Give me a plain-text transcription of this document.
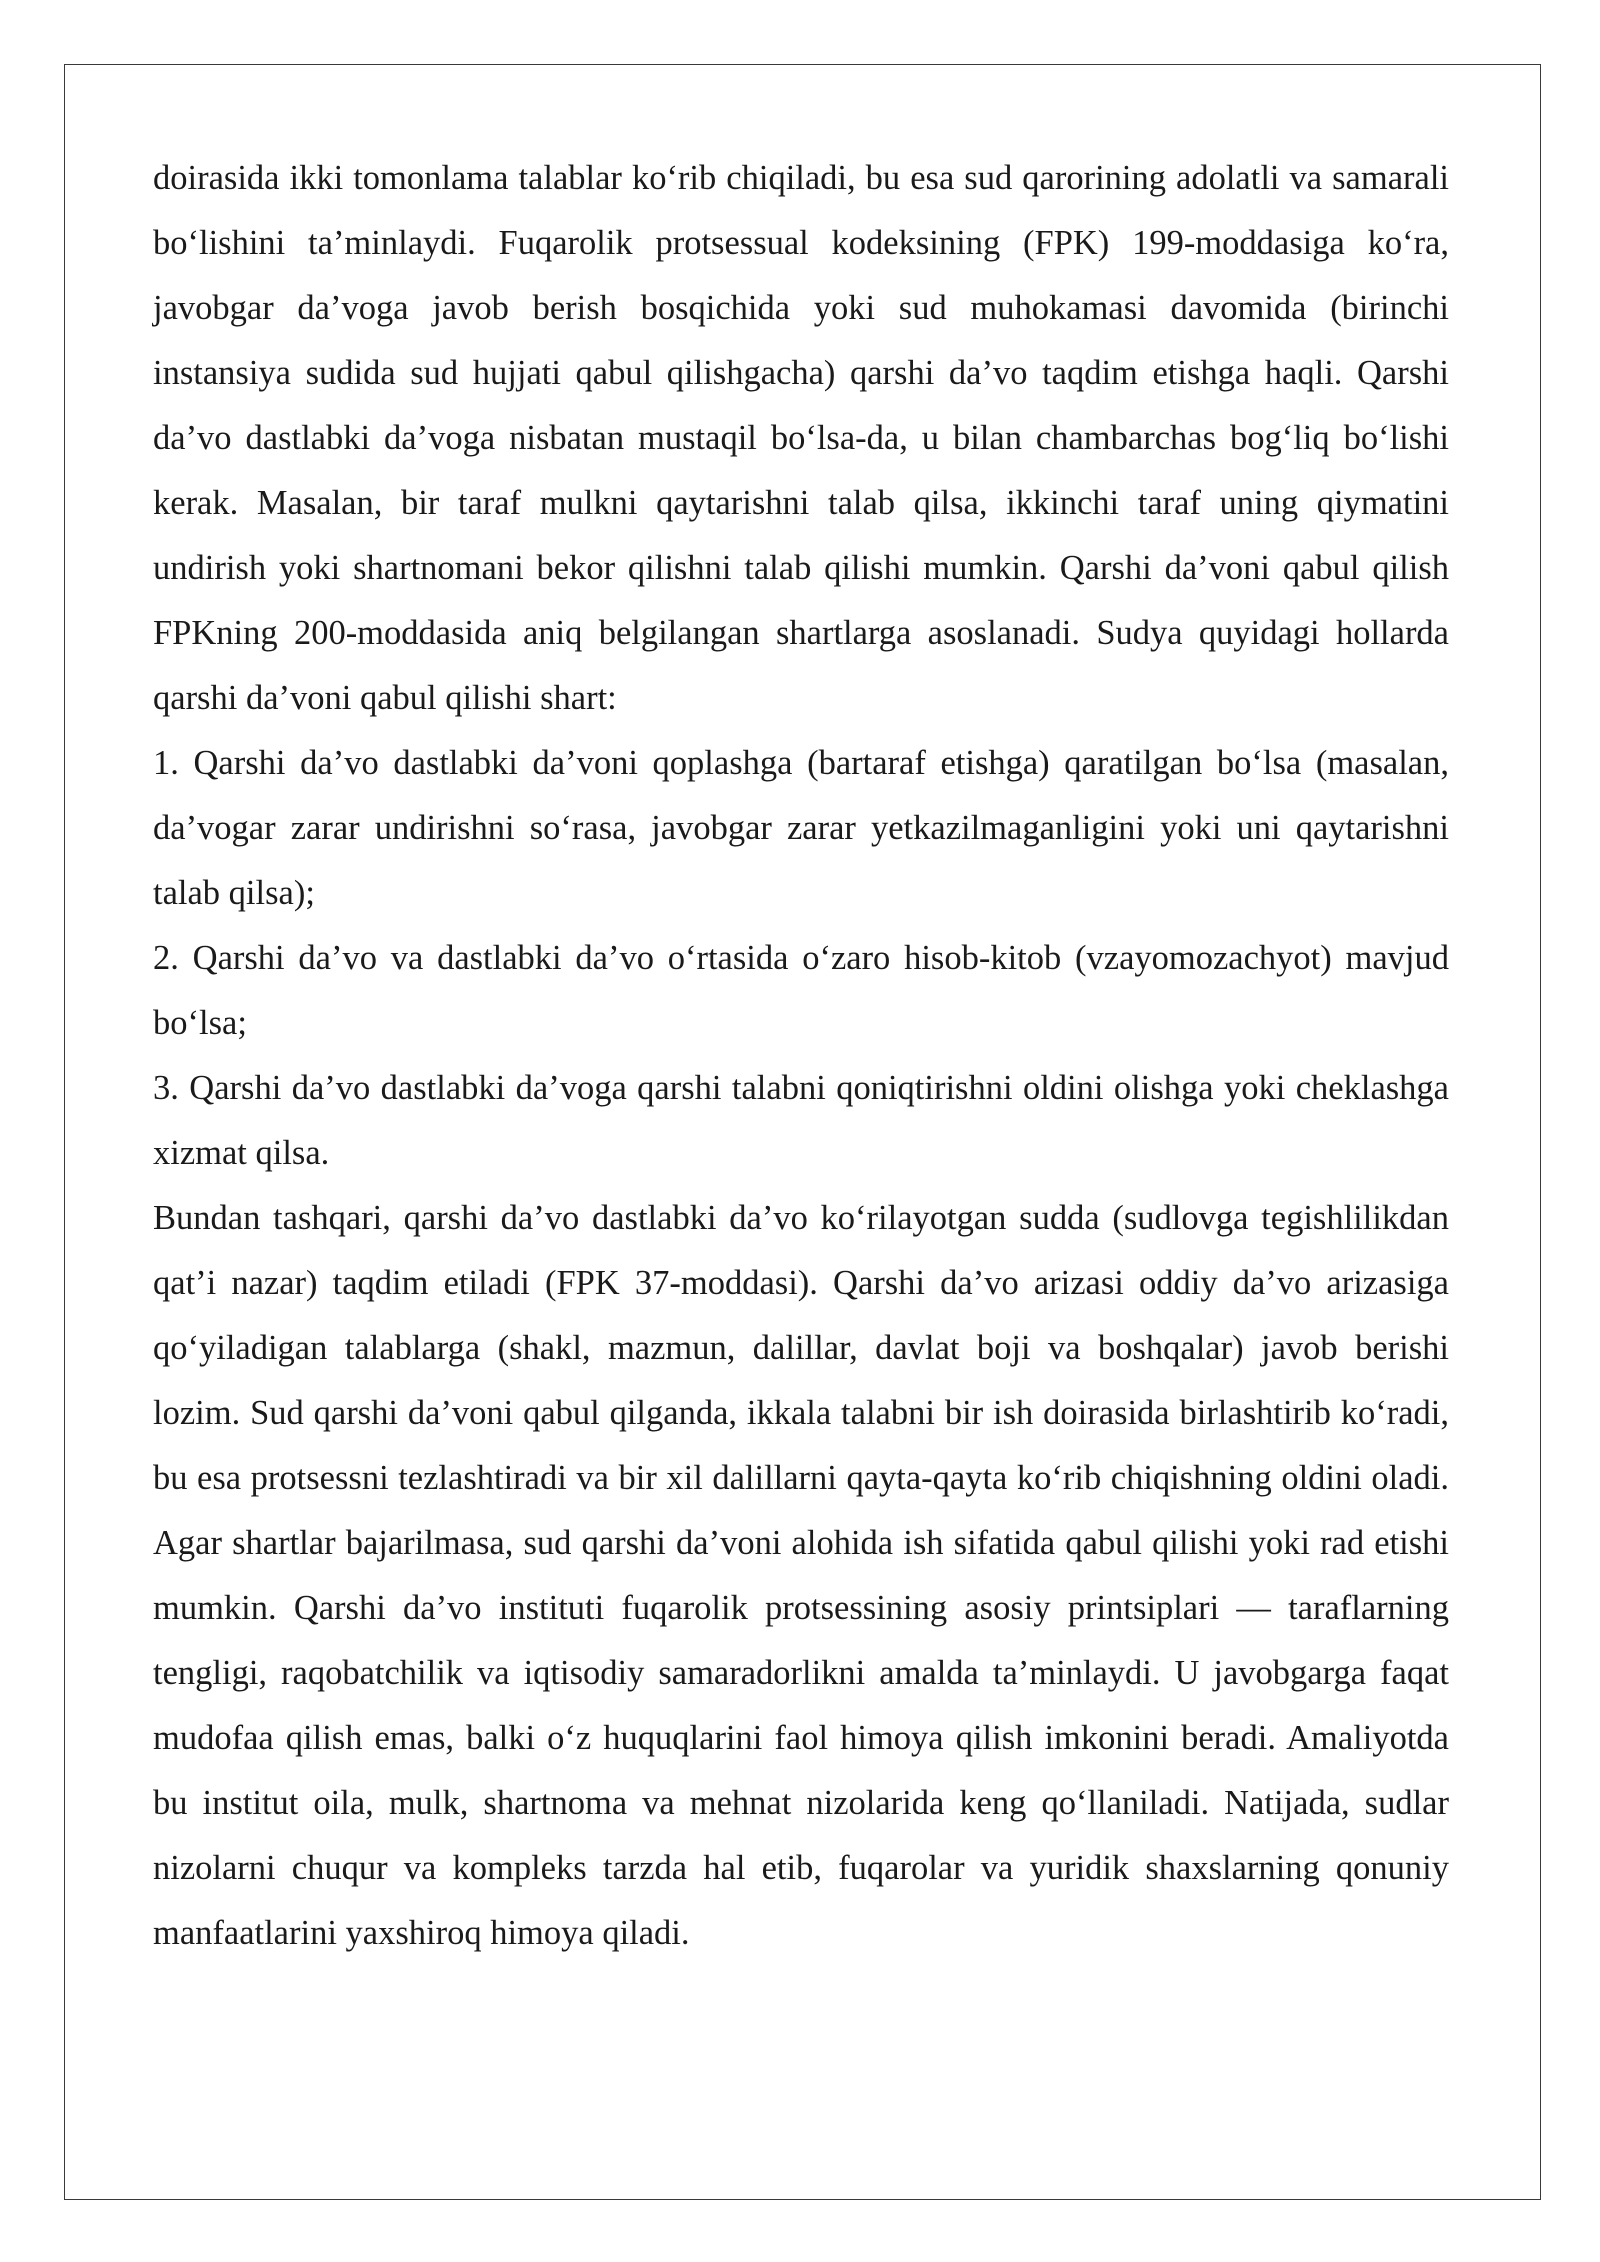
doirasida ikki tomonlama talablar ko‘rib chiqiladi, bu esa sud qarorining adolatli va samarali bo‘lishini ta’minlaydi. Fuqarolik protsessual kodeksining (FPK) 199-moddasiga ko‘ra, javobgar da’voga javob berish bosqichida yoki sud muhokamasi davomida (birinchi instansiya sudida sud hujjati qabul qilishgacha) qarshi da’vo taqdim etishga haqli. Qarshi da’vo dastlabki da’voga nisbatan mustaqil bo‘lsa-da, u bilan chambarchas bog‘liq bo‘lishi kerak. Masalan, bir taraf mulkni qaytarishni talab qilsa, ikkinchi taraf uning qiymatini undirish yoki shartnomani bekor qilishni talab qilishi mumkin. Qarshi da’voni qabul qilish FPKning 200-moddasida aniq belgilangan shartlarga asoslanadi. Sudya quyidagi hollarda qarshi da’voni qabul qilishi shart:

1. Qarshi da’vo dastlabki da’voni qoplashga (bartaraf etishga) qaratilgan bo‘lsa (masalan, da’vogar zarar undirishni so‘rasa, javobgar zarar yetkazilmaganligini yoki uni qaytarishni talab qilsa);

2. Qarshi da’vo va dastlabki da’vo o‘rtasida o‘zaro hisob-kitob (vzayomozachyot) mavjud bo‘lsa;

3. Qarshi da’vo dastlabki da’voga qarshi talabni qoniqtirishni oldini olishga yoki cheklashga xizmat qilsa.

Bundan tashqari, qarshi da’vo dastlabki da’vo ko‘rilayotgan sudda (sudlovga tegishlilikdan qat’i nazar) taqdim etiladi (FPK 37-moddasi). Qarshi da’vo arizasi oddiy da’vo arizasiga qo‘yiladigan talablarga (shakl, mazmun, dalillar, davlat boji va boshqalar) javob berishi lozim. Sud qarshi da’voni qabul qilganda, ikkala talabni bir ish doirasida birlashtirib ko‘radi, bu esa protsessni tezlashtiradi va bir xil dalillarni qayta-qayta ko‘rib chiqishning oldini oladi. Agar shartlar bajarilmasa, sud qarshi da’voni alohida ish sifatida qabul qilishi yoki rad etishi mumkin. Qarshi da’vo instituti fuqarolik protsessining asosiy printsiplari — taraflarning tengligi, raqobatchilik va iqtisodiy samaradorlikni amalda ta’minlaydi. U javobgarga faqat mudofaa qilish emas, balki o‘z huquqlarini faol himoya qilish imkonini beradi. Amaliyotda bu institut oila, mulk, shartnoma va mehnat nizolarida keng qo‘llaniladi. Natijada, sudlar nizolarni chuqur va kompleks tarzda hal etib, fuqarolar va yuridik shaxslarning qonuniy manfaatlarini yaxshiroq himoya qiladi.
